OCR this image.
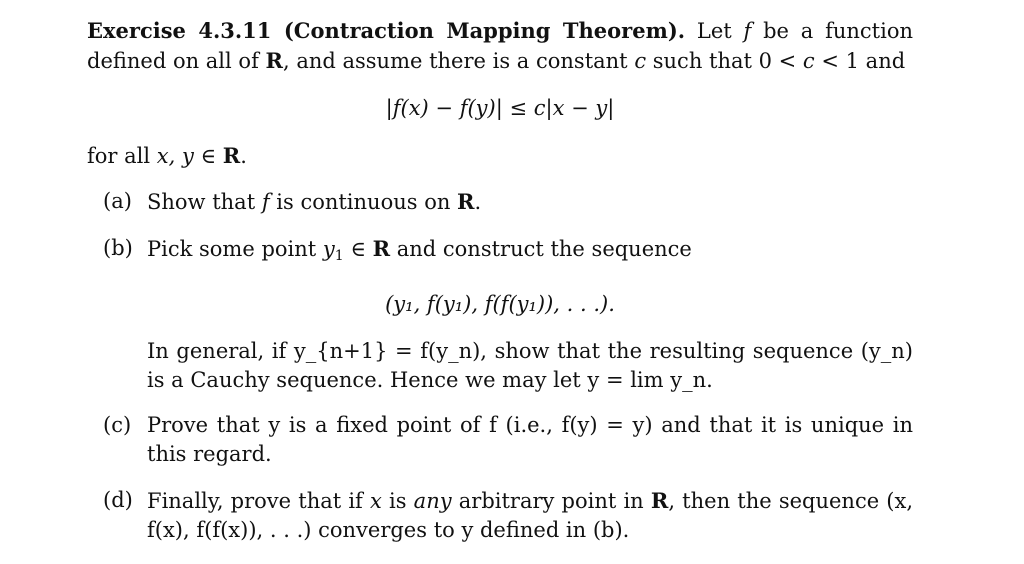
Exercise 4.3.11 (Contraction Mapping Theorem). Let f be a function defined on all of R, and assume there is a constant c such that 0 < c < 1 and

|f(x) − f(y)| ≤ c|x − y|

for all x, y ∈ R.

(a) Show that f is continuous on R.
(b) Pick some point $y_1$ ∈ R and construct the sequence

(y₁, f(y₁), f(f(y₁)), . . .).

In general, if y_{n+1} = f(y_n), show that the resulting sequence (y_n) is a Cauchy sequence. Hence we may let y = lim y_n.
(c) Prove that y is a fixed point of f (i.e., f(y) = y) and that it is unique in this regard.
(d) Finally, prove that if x is any arbitrary point in R, then the sequence (x, f(x), f(f(x)), . . .) converges to y defined in (b).
